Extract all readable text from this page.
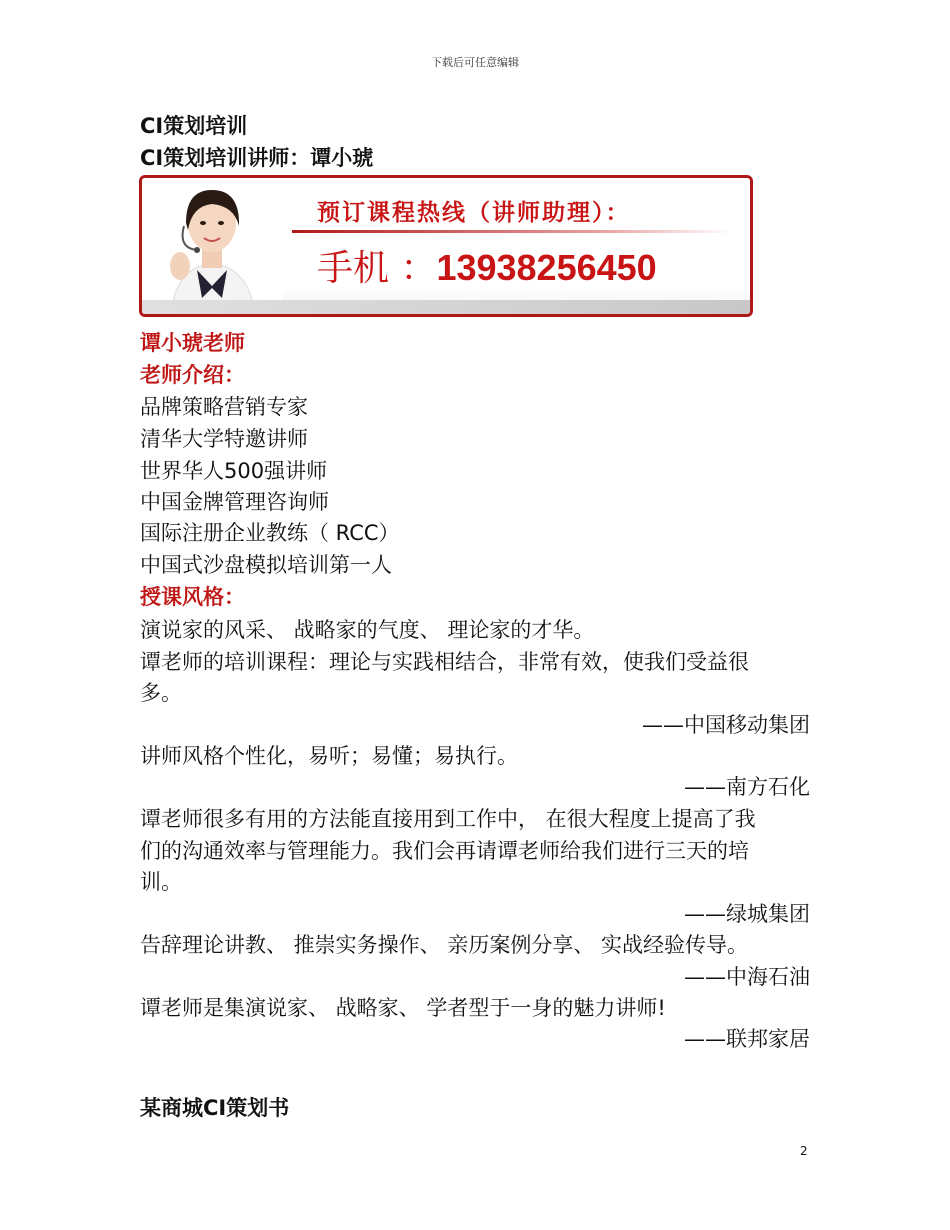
下载后可任意编辑
CI策划培训
CI策划培训讲师：谭小琥
预订课程热线（讲师助理）：
手机 ：13938256450
谭小琥老师
老师介绍：
品牌策略营销专家
清华大学特邀讲师
世界华人500强讲师
中国金牌管理咨询师
国际注册企业教练（ RCC）
中国式沙盘模拟培训第一人
授课风格：
演说家的风采、 战略家的气度、 理论家的才华。
谭老师的培训课程：理论与实践相结合，非常有效，使我们受益很
多。
——中国移动集团
讲师风格个性化，易听；易懂；易执行。
——南方石化
谭老师很多有用的方法能直接用到工作中， 在很大程度上提高了我
们的沟通效率与管理能力。我们会再请谭老师给我们进行三天的培
训。
——绿城集团
告辞理论讲教、 推崇实务操作、 亲历案例分享、 实战经验传导。
——中海石油
谭老师是集演说家、 战略家、 学者型于一身的魅力讲师!
——联邦家居
某商城CI策划书
2
